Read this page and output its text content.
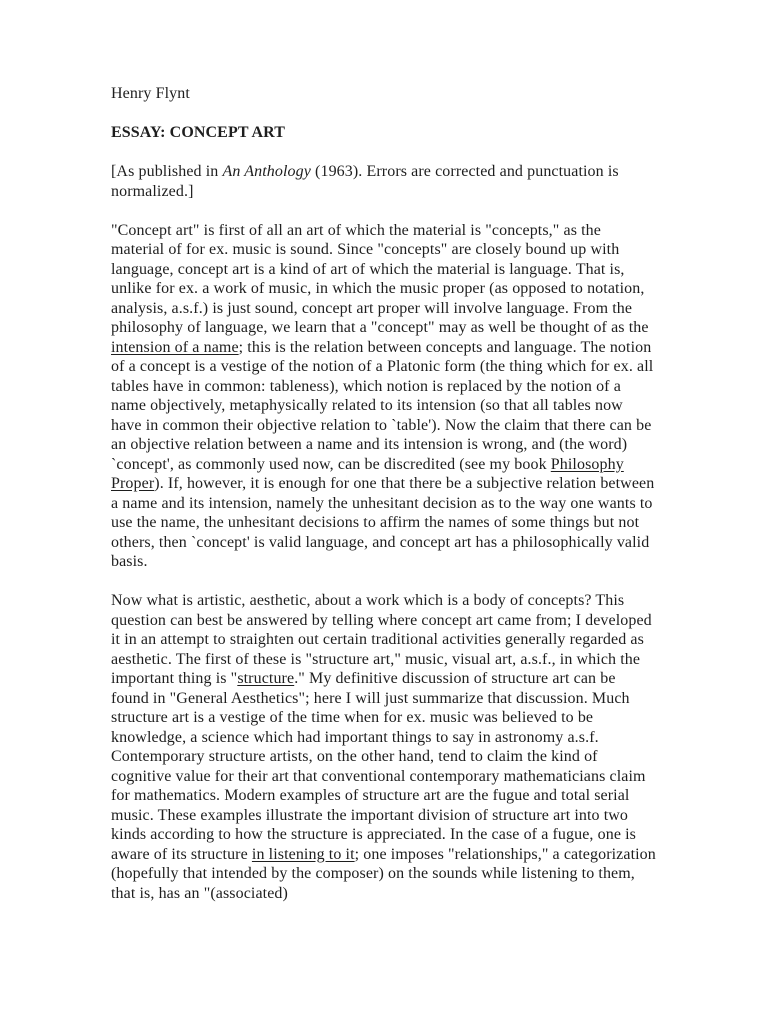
Henry Flynt

ESSAY: CONCEPT ART

[As published in An Anthology (1963). Errors are corrected and punctuation is normalized.]

"Concept art" is first of all an art of which the material is "concepts," as the material of for ex. music is sound. Since "concepts" are closely bound up with language, concept art is a kind of art of which the material is language. That is, unlike for ex. a work of music, in which the music proper (as opposed to notation, analysis, a.s.f.) is just sound, concept art proper will involve language. From the philosophy of language, we learn that a "concept" may as well be thought of as the intension of a name; this is the relation between concepts and language. The notion of a concept is a vestige of the notion of a Platonic form (the thing which for ex. all tables have in common: tableness), which notion is replaced by the notion of a name objectively, metaphysically related to its intension (so that all tables now have in common their objective relation to `table'). Now the claim that there can be an objective relation between a name and its intension is wrong, and (the word) `concept', as commonly used now, can be discredited (see my book Philosophy Proper). If, however, it is enough for one that there be a subjective relation between a name and its intension, namely the unhesitant decision as to the way one wants to use the name, the unhesitant decisions to affirm the names of some things but not others, then `concept' is valid language, and concept art has a philosophically valid basis.

Now what is artistic, aesthetic, about a work which is a body of concepts? This question can best be answered by telling where concept art came from; I developed it in an attempt to straighten out certain traditional activities generally regarded as aesthetic. The first of these is "structure art," music, visual art, a.s.f., in which the important thing is "structure." My definitive discussion of structure art can be found in "General Aesthetics"; here I will just summarize that discussion. Much structure art is a vestige of the time when for ex. music was believed to be knowledge, a science which had important things to say in astronomy a.s.f. Contemporary structure artists, on the other hand, tend to claim the kind of cognitive value for their art that conventional contemporary mathematicians claim for mathematics. Modern examples of structure art are the fugue and total serial music. These examples illustrate the important division of structure art into two kinds according to how the structure is appreciated. In the case of a fugue, one is aware of its structure in listening to it; one imposes "relationships," a categorization (hopefully that intended by the composer) on the sounds while listening to them, that is, has an "(associated)
